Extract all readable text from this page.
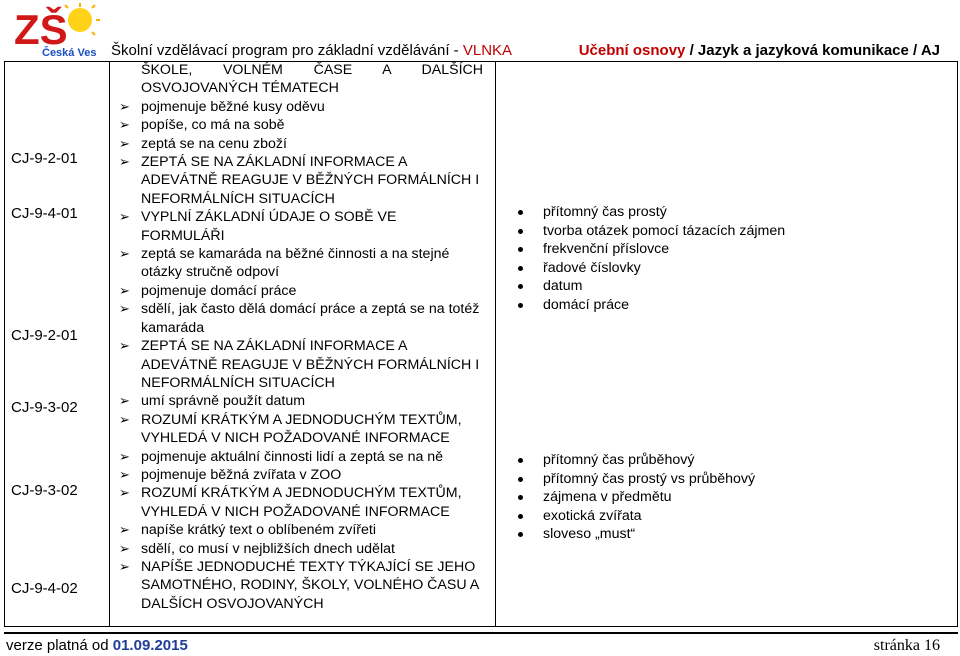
ZŠ
Česká Ves Školní vzdělávací program pro základní vzdělávání - VLNKA	Učební osnovy / Jazyk a jazyková komunikace / AJ
CJ-9-2-01
CJ-9-4-01
CJ-9-2-01
CJ-9-3-02
CJ-9-3-02
CJ-9-4-02
ŠKOLE, VOLNÉM ČASE A DALŠÍCH
OSVOJOVANÝCH TÉMATECH
➢ pojmenuje běžné kusy oděvu
➢ popíše, co má na sobě
➢ zeptá se na cenu zboží
➢ ZEPTÁ SE NA ZÁKLADNÍ INFORMACE A ADEVÁTNĚ REAGUJE V BĚŽNÝCH FORMÁLNÍCH I NEFORMÁLNÍCH SITUACÍCH
➢ VYPLNÍ ZÁKLADNÍ ÚDAJE O SOBĚ VE FORMULÁŘI
➢ zeptá se kamaráda na běžné činnosti a na stejné otázky stručně odpoví
➢ pojmenuje domácí práce
➢ sdělí, jak často dělá domácí práce a zeptá se na totéž kamaráda
➢ ZEPTÁ SE NA ZÁKLADNÍ INFORMACE A ADEVÁTNĚ REAGUJE V BĚŽNÝCH FORMÁLNÍCH I NEFORMÁLNÍCH SITUACÍCH
➢ umí správně použít datum
➢ ROZUMÍ KRÁTKÝM A JEDNODUCHÝM TEXTŮM, VYHLEDÁ V NICH POŽADOVANÉ INFORMACE
➢ pojmenuje aktuální činnosti lidí a zeptá se na ně
➢ pojmenuje běžná zvířata v ZOO
➢ ROZUMÍ KRÁTKÝM A JEDNODUCHÝM TEXTŮM, VYHLEDÁ V NICH POŽADOVANÉ INFORMACE
➢ napíše krátký text o oblíbeném zvířeti
➢ sdělí, co musí v nejbližších dnech udělat
➢ NAPÍŠE JEDNODUCHÉ TEXTY TÝKAJÍCÍ SE JEHO SAMOTNÉHO, RODINY, ŠKOLY, VOLNÉHO ČASU A DALŠÍCH OSVOJOVANÝCH
přítomný čas prostý
tvorba otázek pomocí tázacích zájmen
frekvenční příslovce
řadové číslovky
datum
domácí práce
přítomný čas průběhový
přítomný čas prostý vs průběhový
zájmena v předmětu
exotická zvířata
sloveso „must“
verze platná od 01.09.2015	stránka 16
